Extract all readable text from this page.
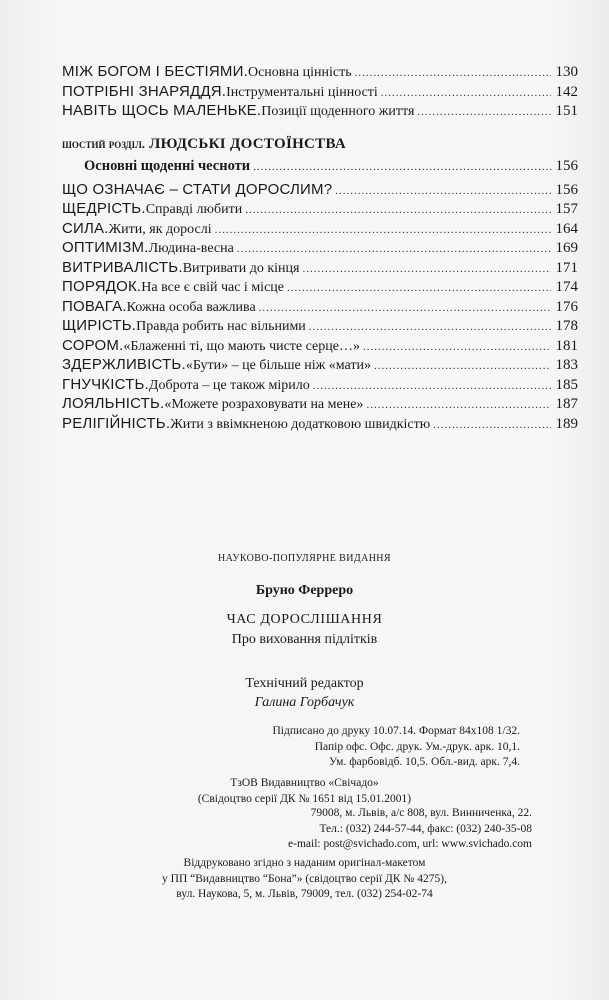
МІЖ БОГОМ І БЕСТІЯМИ. Основна цінність .....	130
ПОТРІБНІ ЗНАРЯДДЯ. Інструментальні цінності .....	142
НАВІТЬ ЩОСЬ МАЛЕНЬКЕ. Позиції щоденного життя .....	151
шостий розділ. ЛЮДСЬКІ ДОСТОЇНСТВА
Основні щоденні чесноти .....	156
ЩО ОЗНАЧАЄ – СТАТИ ДОРОСЛИМ? .....	156
ЩЕДРІСТЬ. Справді любити .....	157
СИЛА. Жити, як дорослі .....	164
ОПТИМІЗМ. Людина-весна .....	169
ВИТРИВАЛІСТЬ. Витривати до кінця .....	171
ПОРЯДОК. На все є свій час і місце .....	174
ПОВАГА. Кожна особа важлива .....	176
ЩИРІСТЬ. Правда робить нас вільними .....	178
СОРОМ. «Блаженні ті, що мають чисте серце…» .....	181
ЗДЕРЖЛИВІСТЬ. «Бути» – це більше ніж «мати» .....	183
ГНУЧКІСТЬ. Доброта – це також мірило .....	185
ЛОЯЛЬНІСТЬ. «Можете розраховувати на мене» .....	187
РЕЛІГІЙНІСТЬ. Жити з ввімкненою додатковою швидкістю .....	189
НАУКОВО-ПОПУЛЯРНЕ ВИДАННЯ
Бруно Ферреро
ЧАС ДОРОСЛІШАННЯ
Про виховання підлітків
Технічний редактор
Галина Горбачук
Підписано до друку 10.07.14. Формат 84х108 1/32.
Папір офс. Офс. друк. Ум.-друк. арк. 10,1.
Ум. фарбовідб. 10,5. Обл.-вид. арк. 7,4.
ТзОВ Видавництво «Свічадо»
(Свідоцтво серії ДК № 1651 від 15.01.2001)
79008, м. Львів, а/с 808, вул. Винниченка, 22.
Тел.: (032) 244-57-44, факс: (032) 240-35-08
e-mail: post@svichado.com, url: www.svichado.com
Віддруковано згідно з наданим оригінал-макетом
у ПП “Видавництво “Бона”» (свідоцтво серії ДК № 4275),
вул. Наукова, 5, м. Львів, 79009, тел. (032) 254-02-74
